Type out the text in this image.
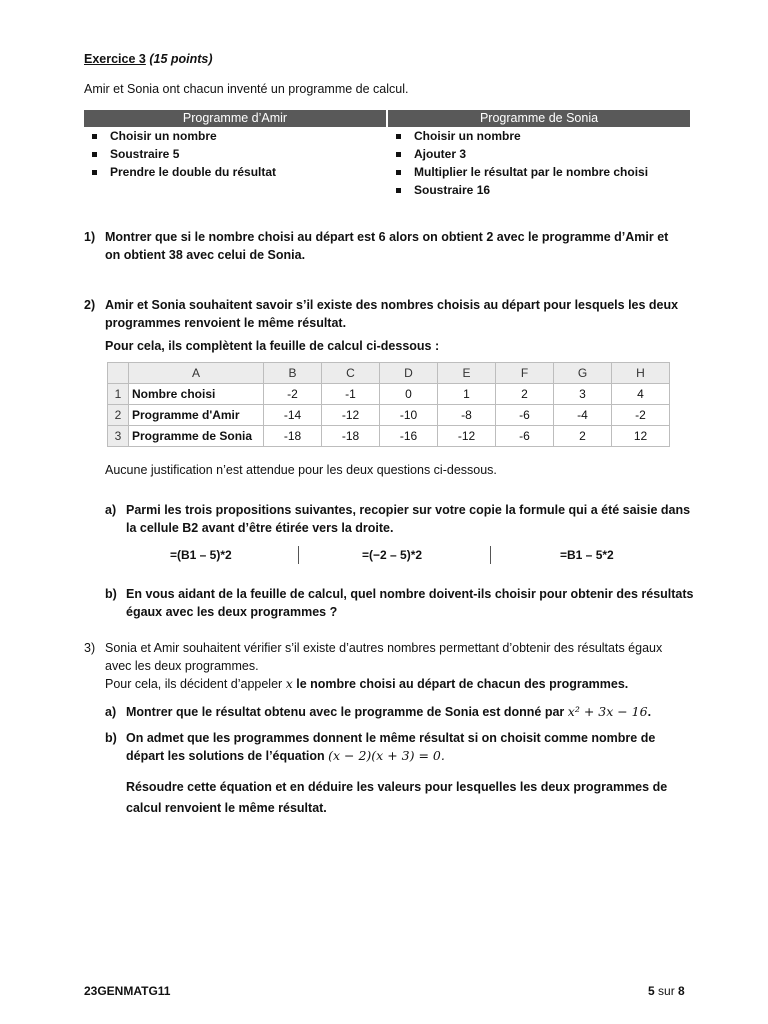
Exercice 3 (15 points)
Amir et Sonia ont chacun inventé un programme de calcul.
Programme d’Amir
Choisir un nombre
Soustraire 5
Prendre le double du résultat
Programme de Sonia
Choisir un nombre
Ajouter 3
Multiplier le résultat par le nombre choisi
Soustraire 16
1) Montrer que si le nombre choisi au départ est 6 alors on obtient 2 avec le programme d’Amir et on obtient 38 avec celui de Sonia.
2) Amir et Sonia souhaitent savoir s’il existe des nombres choisis au départ pour lesquels les deux programmes renvoient le même résultat.
Pour cela, ils complètent la feuille de calcul ci-dessous :
	A	B	C	D	E	F	G	H
1	Nombre choisi	-2	-1	0	1	2	3	4
2	Programme d'Amir	-14	-12	-10	-8	-6	-4	-2
3	Programme de Sonia	-18	-18	-16	-12	-6	2	12
Aucune justification n’est attendue pour les deux questions ci-dessous.
a) Parmi les trois propositions suivantes, recopier sur votre copie la formule qui a été saisie dans la cellule B2 avant d’être étirée vers la droite.
=(B1 – 5)*2	=(−2 – 5)*2	=B1 – 5*2
b) En vous aidant de la feuille de calcul, quel nombre doivent-ils choisir pour obtenir des résultats égaux avec les deux programmes ?
3) Sonia et Amir souhaitent vérifier s’il existe d’autres nombres permettant d’obtenir des résultats égaux avec les deux programmes.
Pour cela, ils décident d’appeler x le nombre choisi au départ de chacun des programmes.
a) Montrer que le résultat obtenu avec le programme de Sonia est donné par x² + 3x − 16.
b) On admet que les programmes donnent le même résultat si on choisit comme nombre de départ les solutions de l’équation (x − 2)(x + 3) = 0.
Résoudre cette équation et en déduire les valeurs pour lesquelles les deux programmes de calcul renvoient le même résultat.
23GENMATG11	5 sur 8
